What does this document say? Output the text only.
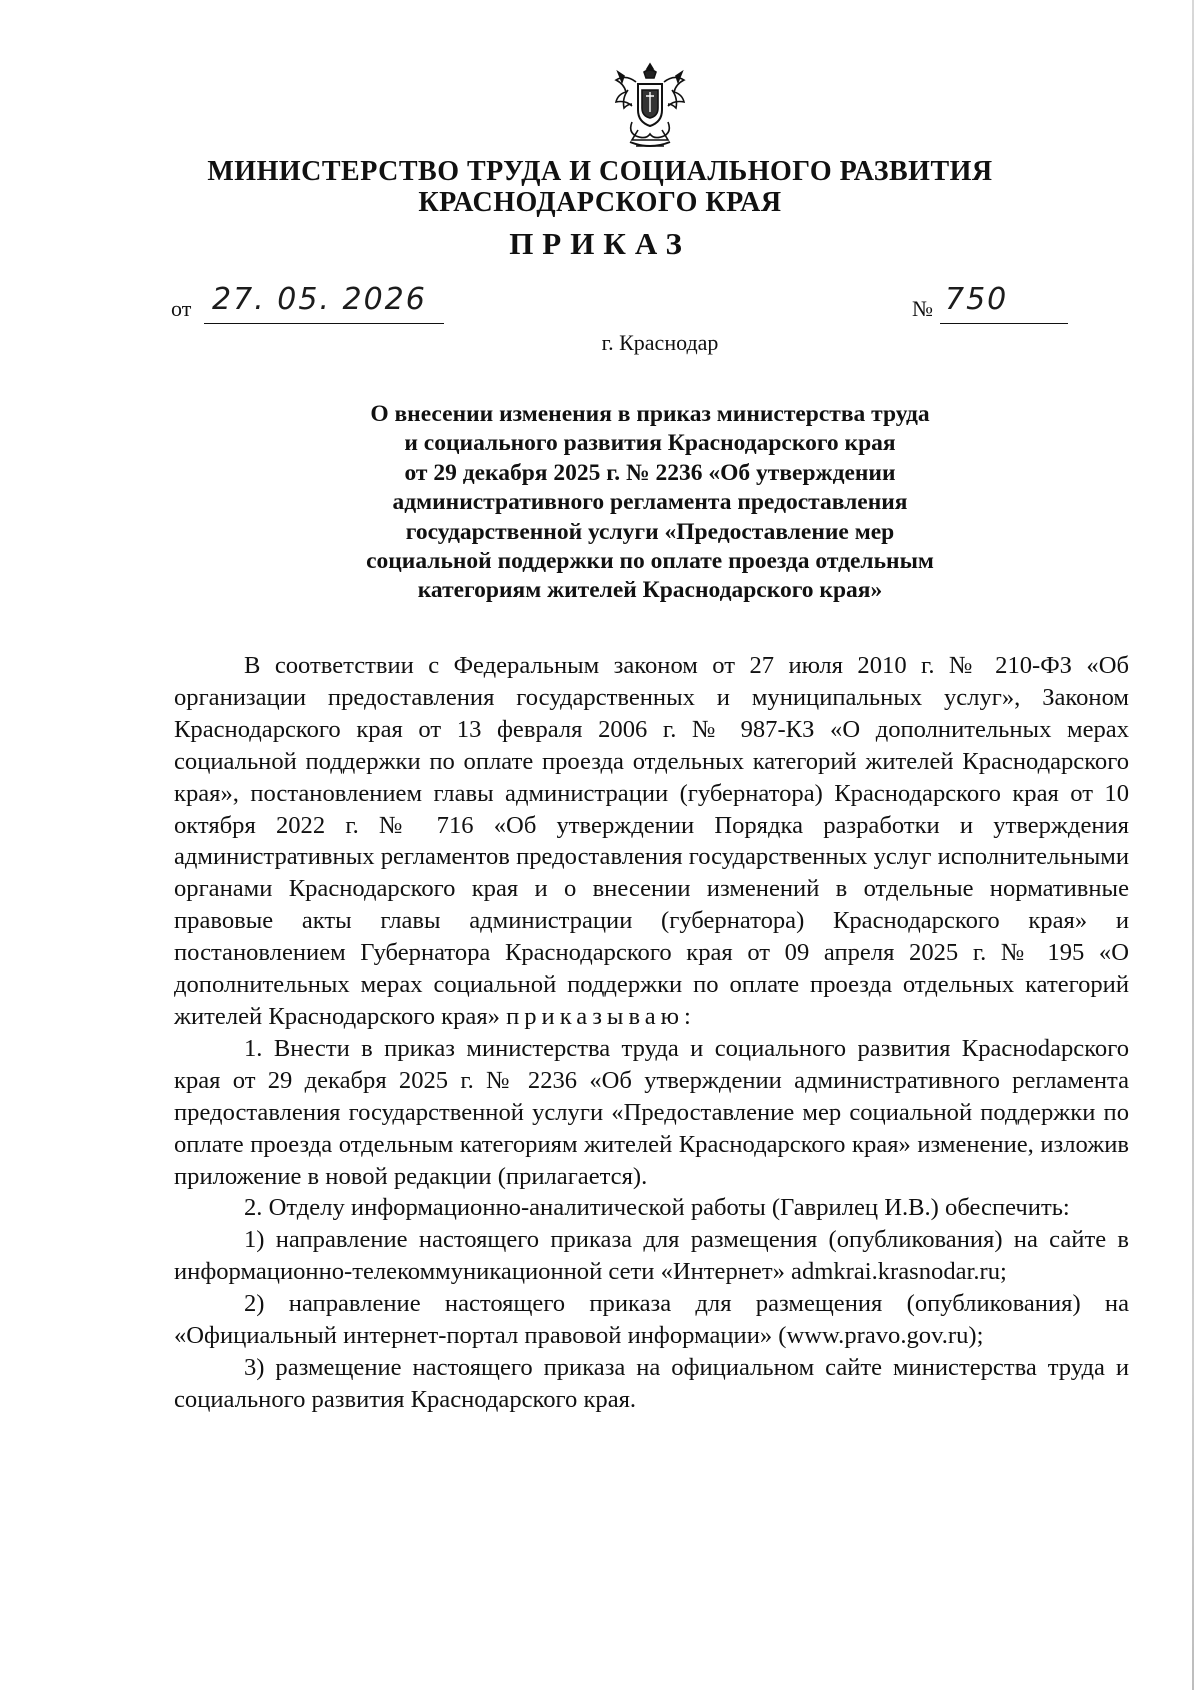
МИНИСТЕРСТВО ТРУДА И СОЦИАЛЬНОГО РАЗВИТИЯ
КРАСНОДАРСКОГО КРАЯ
ПРИКАЗ
от 27. 05. 2026	№ 750
г. Краснодар
О внесении изменения в приказ министерства труда
и социального развития Краснодарского края
от 29 декабря 2025 г. № 2236 «Об утверждении
административного регламента предоставления
государственной услуги «Предоставление мер
социальной поддержки по оплате проезда отдельным
категориям жителей Краснодарского края»

В соответствии с Федеральным законом от 27 июля 2010 г. № 210-ФЗ «Об организации предоставления государственных и муниципальных услуг», Законом Краснодарского края от 13 февраля 2006 г. № 987-КЗ «О дополнительных мерах социальной поддержки по оплате проезда отдельных категорий жителей Краснодарского края», постановлением главы администрации (губернатора) Краснодарского края от 10 октября 2022 г. № 716 «Об утверждении Порядка разработки и утверждения административных регламентов предоставления государственных услуг исполнительными органами Краснодарского края и о внесении изменений в отдельные нормативные правовые акты главы администрации (губернатора) Краснодарского края» и постановлением Губернатора Краснодарского края от 09 апреля 2025 г. № 195 «О дополнительных мерах социальной поддержки по оплате проезда отдельных категорий жителей Краснодарского края» приказываю:

1. Внести в приказ министерства труда и социального развития Красноdарского края от 29 декабря 2025 г. № 2236 «Об утверждении административного регламента предоставления государственной услуги «Предоставление мер социальной поддержки по оплате проезда отдельным категориям жителей Краснодарского края» изменение, изложив приложение в новой редакции (прилагается).

2. Отделу информационно-аналитической работы (Гаврилец И.В.) обеспечить:

1) направление настоящего приказа для размещения (опубликования) на сайте в информационно-телекоммуникационной сети «Интернет» admkrai.krasnodar.ru;

2) направление настоящего приказа для размещения (опубликования) на «Официальный интернет-портал правовой информации» (www.pravo.gov.ru);

3) размещение настоящего приказа на официальном сайте министерства труда и социального развития Краснодарского края.
